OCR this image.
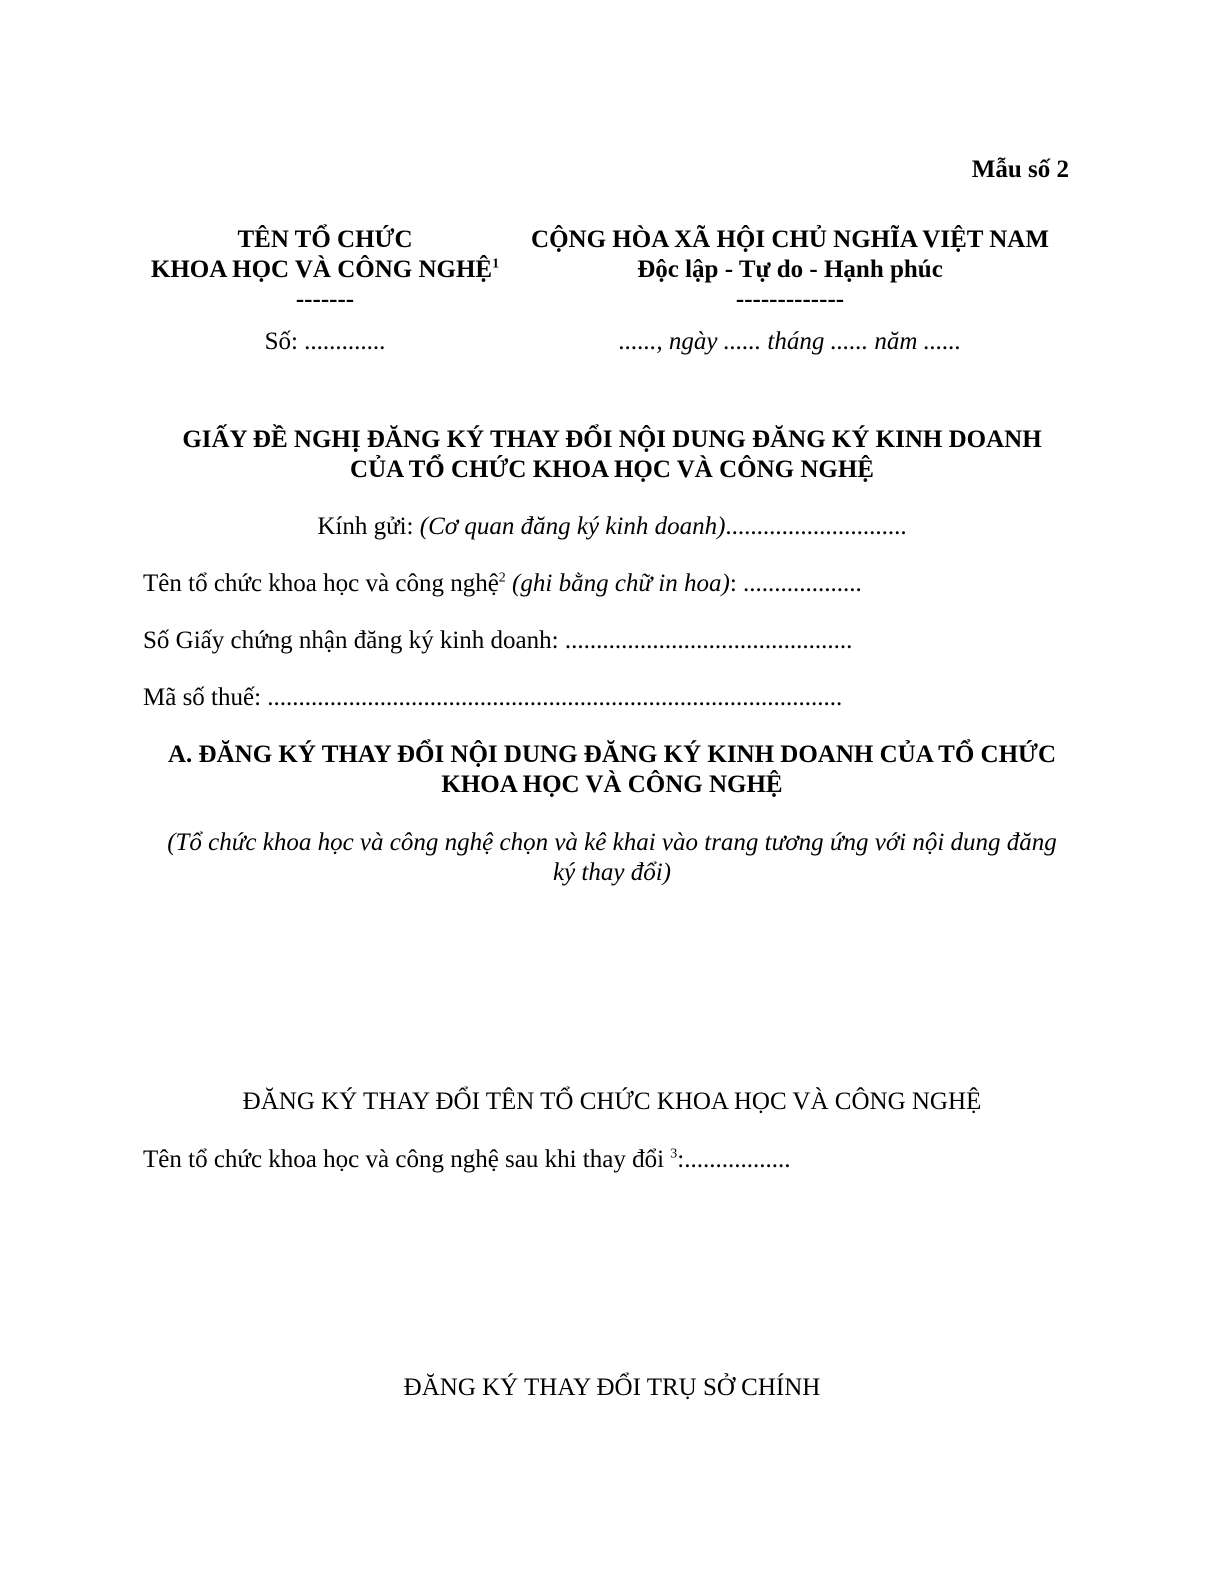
Mẫu số 2
TÊN TỔ CHỨC
KHOA HỌC VÀ CÔNG NGHỆ$^1$
-------
Số: .............
CỘNG HÒA XÃ HỘI CHỦ NGHĨA VIỆT NAM
Độc lập - Tự do - Hạnh phúc
-------------
......, ngày ...... tháng ...... năm ......
GIẤY ĐỀ NGHỊ ĐĂNG KÝ THAY ĐỔI NỘI DUNG ĐĂNG KÝ KINH DOANH
CỦA TỔ CHỨC KHOA HỌC VÀ CÔNG NGHỆ
Kính gửi: (Cơ quan đăng ký kinh doanh).............................
Tên tổ chức khoa học và công nghệ$^2$ (ghi bằng chữ in hoa): ...................
Số Giấy chứng nhận đăng ký kinh doanh: ..............................................
Mã số thuế: ............................................................................................
A. ĐĂNG KÝ THAY ĐỔI NỘI DUNG ĐĂNG KÝ KINH DOANH CỦA TỔ CHỨC
KHOA HỌC VÀ CÔNG NGHỆ
(Tổ chức khoa học và công nghệ chọn và kê khai vào trang tương ứng với nội dung đăng
ký thay đổi)
ĐĂNG KÝ THAY ĐỔI TÊN TỔ CHỨC KHOA HỌC VÀ CÔNG NGHỆ
Tên tổ chức khoa học và công nghệ sau khi thay đổi $^3$:.................
ĐĂNG KÝ THAY ĐỔI TRỤ SỞ CHÍNH
